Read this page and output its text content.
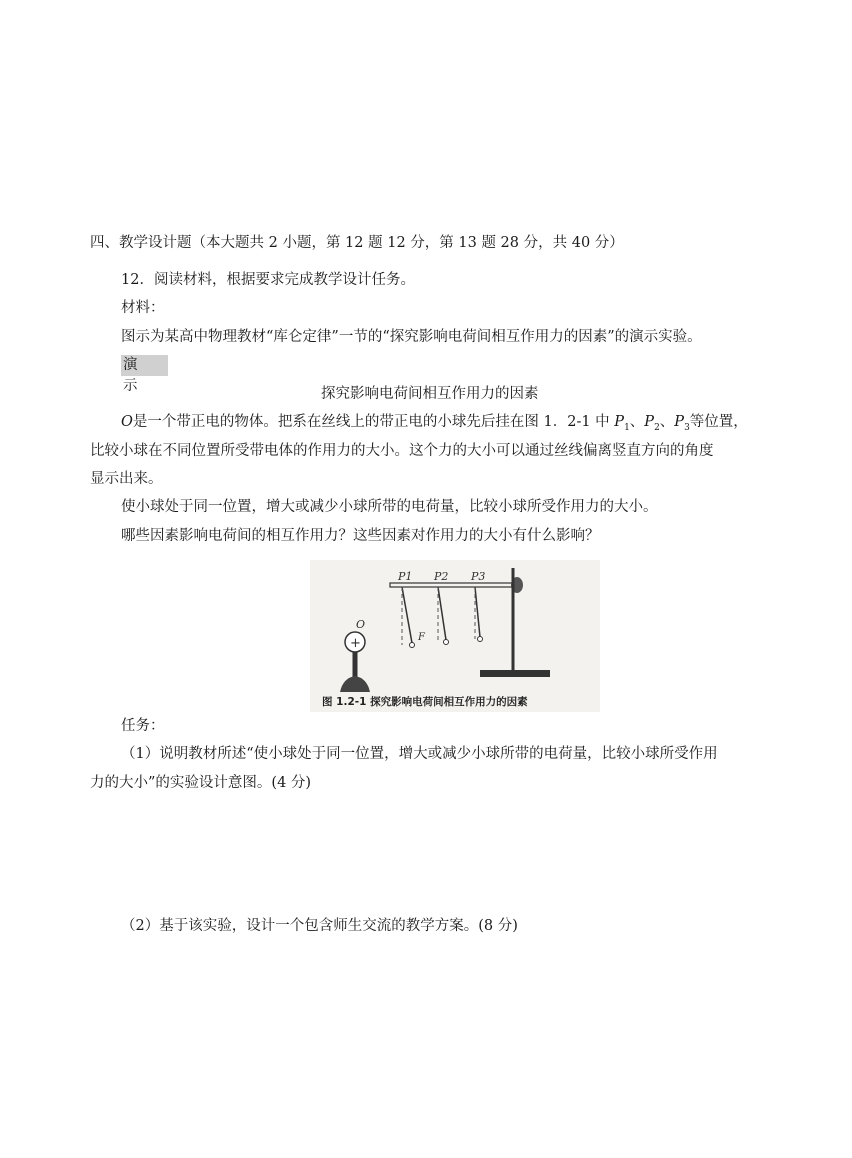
四、教学设计题（本大题共 2 小题，第 12 题 12 分，第 13 题 28 分，共 40 分）
12．阅读材料，根据要求完成教学设计任务。
材料：
图示为某高中物理教材“库仑定律”一节的“探究影响电荷间相互作用力的因素”的演示实验。
演示	探究影响电荷间相互作用力的因素
O是一个带正电的物体。把系在丝线上的带正电的小球先后挂在图 1．2-1 中 $P_1$、$P_2$、$P_3$等位置，
比较小球在不同位置所受带电体的作用力的大小。这个力的大小可以通过丝线偏离竖直方向的角度
显示出来。
使小球处于同一位置，增大或减少小球所带的电荷量，比较小球所受作用力的大小。
哪些因素影响电荷间的相互作用力？这些因素对作用力的大小有什么影响？
P1 P2 P3
O
F
+
图 1.2-1 探究影响电荷间相互作用力的因素
任务：
（1）说明教材所述“使小球处于同一位置，增大或减少小球所带的电荷量，比较小球所受作用
力的大小”的实验设计意图。(4 分)
（2）基于该实验，设计一个包含师生交流的教学方案。(8 分)
